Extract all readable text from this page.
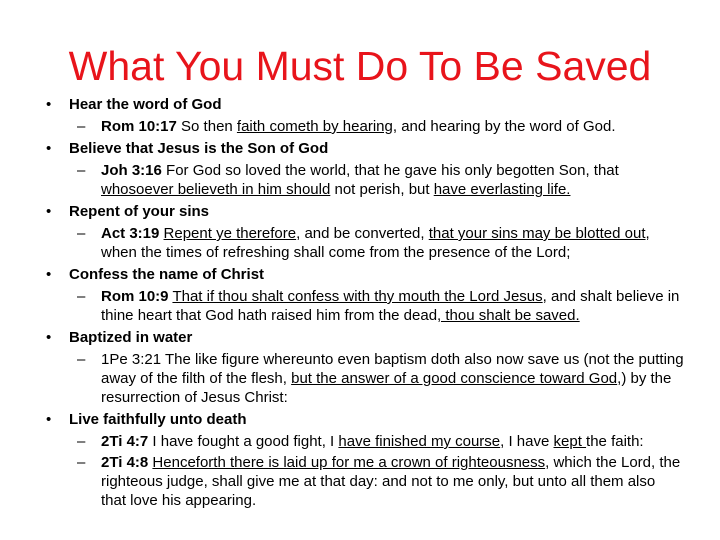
What You Must Do To Be Saved
• Hear the word of God
– Rom 10:17 So then faith cometh by hearing, and hearing by the word of God.
• Believe that Jesus is the Son of God
– Joh 3:16 For God so loved the world, that he gave his only begotten Son, that whosoever believeth in him should not perish, but have everlasting life.
• Repent of your sins
– Act 3:19 Repent ye therefore, and be converted, that your sins may be blotted out, when the times of refreshing shall come from the presence of the Lord;
• Confess the name of Christ
– Rom 10:9 That if thou shalt confess with thy mouth the Lord Jesus, and shalt believe in thine heart that God hath raised him from the dead, thou shalt be saved.
• Baptized in water
– 1Pe 3:21 The like figure whereunto even baptism doth also now save us (not the putting away of the filth of the flesh, but the answer of a good conscience toward God,) by the resurrection of Jesus Christ:
• Live faithfully unto death
– 2Ti 4:7 I have fought a good fight, I have finished my course, I have kept the faith:
– 2Ti 4:8 Henceforth there is laid up for me a crown of righteousness, which the Lord, the righteous judge, shall give me at that day: and not to me only, but unto all them also that love his appearing.
